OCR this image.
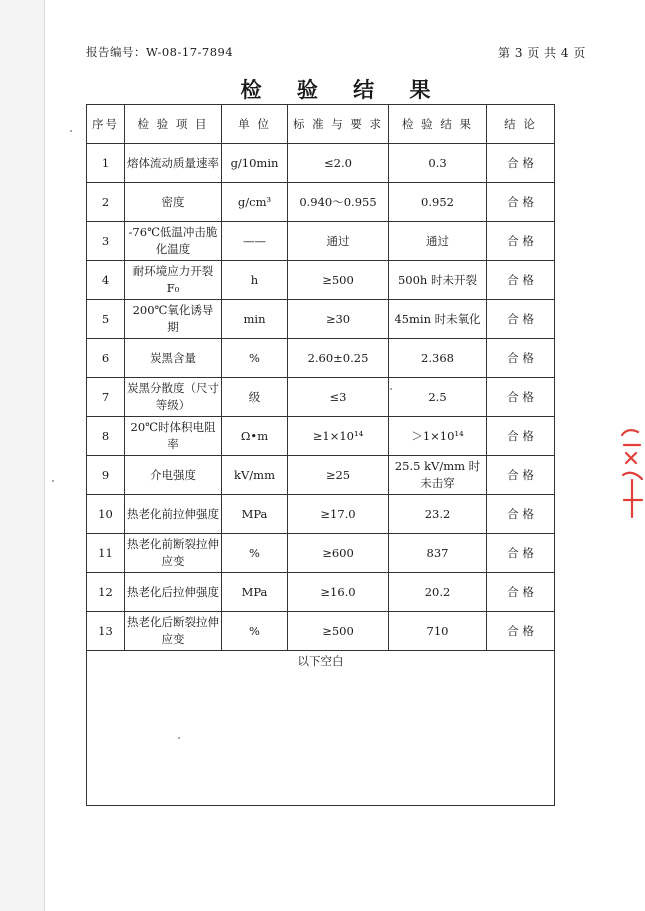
报告编号：W-08-17-7894	第 3 页 共 4 页
检 验 结 果
序号	检 验 项 目	单 位	标 准 与 要 求	检 验 结 果	结 论
1	熔体流动质量速率	g/10min	≤2.0	0.3	合 格
2	密度	g/cm³	0.940～0.955	0.952	合 格
3	-76℃低温冲击脆化温度	——	通过	通过	合 格
4	耐环境应力开裂 F₀	h	≥500	500h 时未开裂	合 格
5	200℃氧化诱导期	min	≥30	45min 时未氧化	合 格
6	炭黑含量	%	2.60±0.25	2.368	合 格
7	炭黑分散度（尺寸等级）	级	≤3	2.5	合 格
8	20℃时体积电阻率	Ω•m	≥1×10¹⁴	＞1×10¹⁴	合 格
9	介电强度	kV/mm	≥25	25.5 kV/mm 时未击穿	合 格
10	热老化前拉伸强度	MPa	≥17.0	23.2	合 格
11	热老化前断裂拉伸应变	%	≥600	837	合 格
12	热老化后拉伸强度	MPa	≥16.0	20.2	合 格
13	热老化后断裂拉伸应变	%	≥500	710	合 格
以下空白					
